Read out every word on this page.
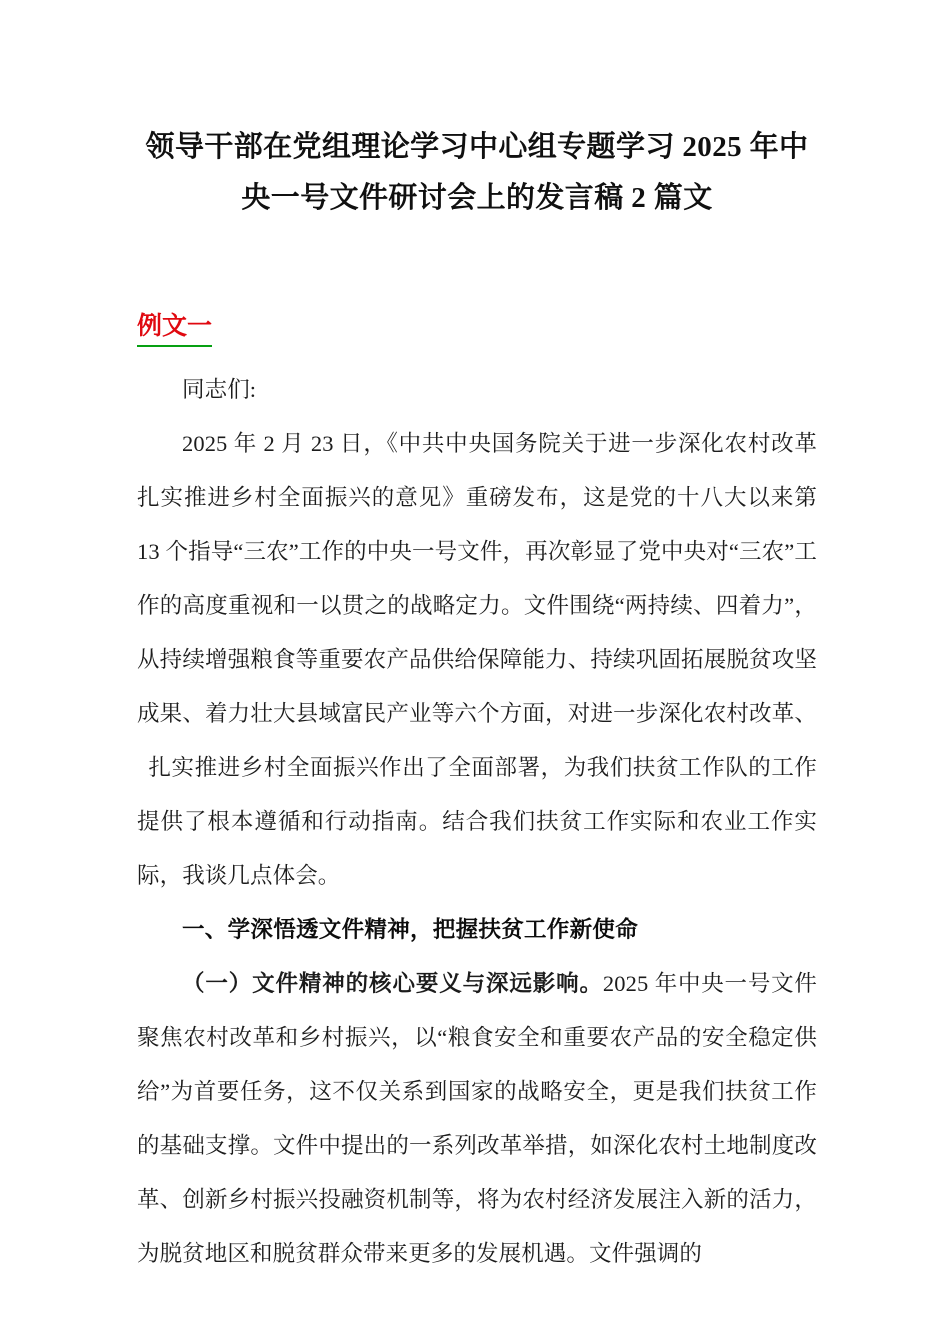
领导干部在党组理论学习中心组专题学习 2025 年中
央一号文件研讨会上的发言稿 2 篇文
例文一

同志们:

2025 年 2 月 23 日，《中共中央国务院关于进一步深化农村改革扎实推进乡村全面振兴的意见》重磅发布，这是党的十八大以来第 13 个指导“三农”工作的中央一号文件，再次彰显了党中央对“三农”工作的高度重视和一以贯之的战略定力。文件围绕“两持续、四着力”，从持续增强粮食等重要农产品供给保障能力、持续巩固拓展脱贫攻坚成果、着力壮大县域富民产业等六个方面，对进一步深化农村改革、扎实推进乡村全面振兴作出了全面部署，为我们扶贫工作队的工作提供了根本遵循和行动指南。结合我们扶贫工作实际和农业工作实际，我谈几点体会。

一、学深悟透文件精神，把握扶贫工作新使命

（一）文件精神的核心要义与深远影响。2025 年中央一号文件聚焦农村改革和乡村振兴，以“粮食安全和重要农产品的安全稳定供给”为首要任务，这不仅关系到国家的战略安全，更是我们扶贫工作的基础支撑。文件中提出的一系列改革举措，如深化农村土地制度改革、创新乡村振兴投融资机制等，将为农村经济发展注入新的活力，为脱贫地区和脱贫群众带来更多的发展机遇。文件强调的
